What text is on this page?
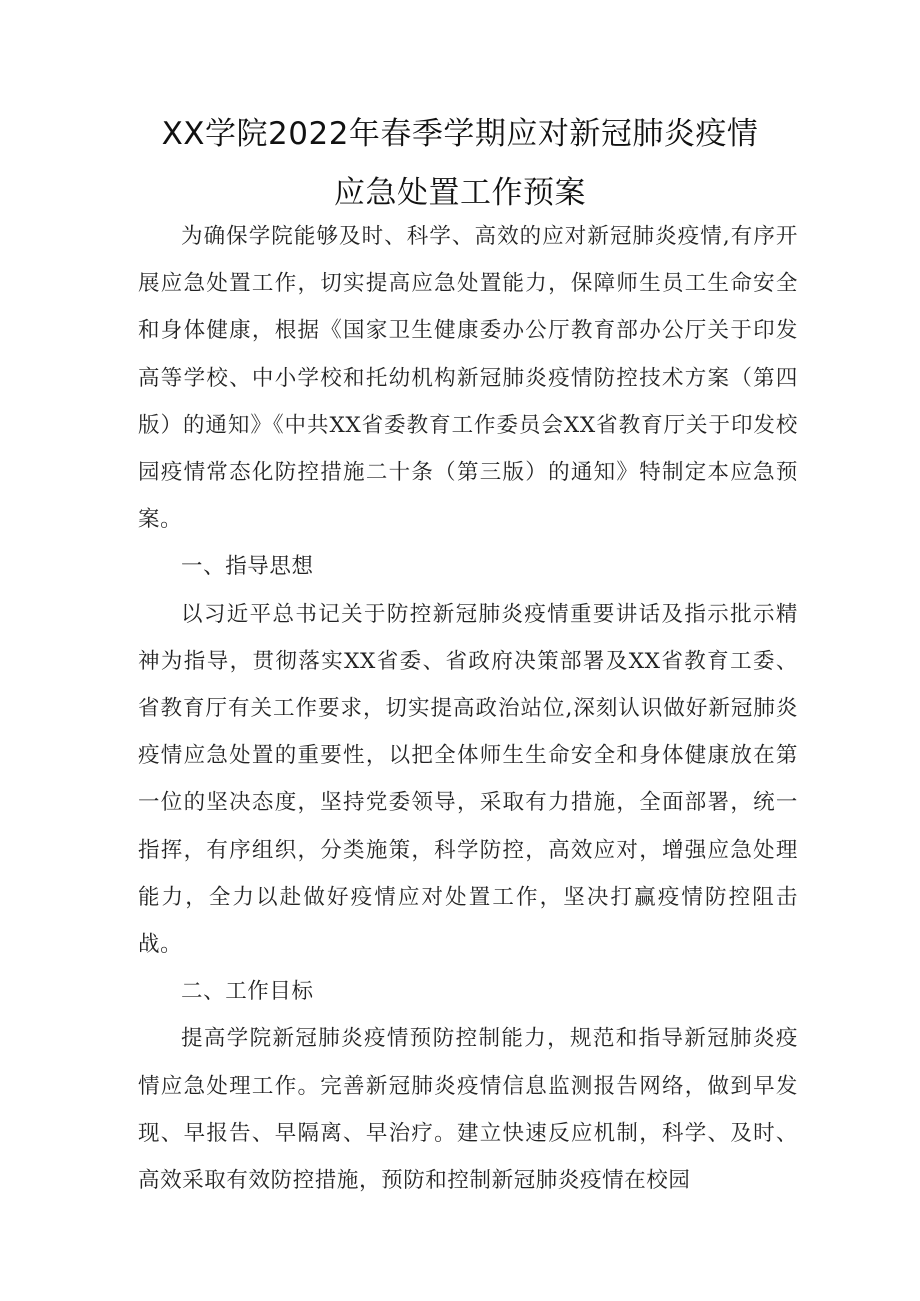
XX学院2022年春季学期应对新冠肺炎疫情
应急处置工作预案

为确保学院能够及时、科学、高效的应对新冠肺炎疫情,有序开展应急处置工作，切实提高应急处置能力，保障师生员工生命安全和身体健康，根据《国家卫生健康委办公厅教育部办公厅关于印发高等学校、中小学校和托幼机构新冠肺炎疫情防控技术方案（第四版）的通知》《中共XX省委教育工作委员会XX省教育厅关于印发校园疫情常态化防控措施二十条（第三版）的通知》特制定本应急预案。

一、指导思想

以习近平总书记关于防控新冠肺炎疫情重要讲话及指示批示精神为指导，贯彻落实XX省委、省政府决策部署及XX省教育工委、省教育厅有关工作要求，切实提高政治站位,深刻认识做好新冠肺炎疫情应急处置的重要性，以把全体师生生命安全和身体健康放在第一位的坚决态度，坚持党委领导，采取有力措施，全面部署，统一指挥，有序组织，分类施策，科学防控，高效应对，增强应急处理能力，全力以赴做好疫情应对处置工作，坚决打赢疫情防控阻击战。

二、工作目标

提高学院新冠肺炎疫情预防控制能力，规范和指导新冠肺炎疫情应急处理工作。完善新冠肺炎疫情信息监测报告网络，做到早发现、早报告、早隔离、早治疗。建立快速反应机制，科学、及时、高效采取有效防控措施，预防和控制新冠肺炎疫情在校园
